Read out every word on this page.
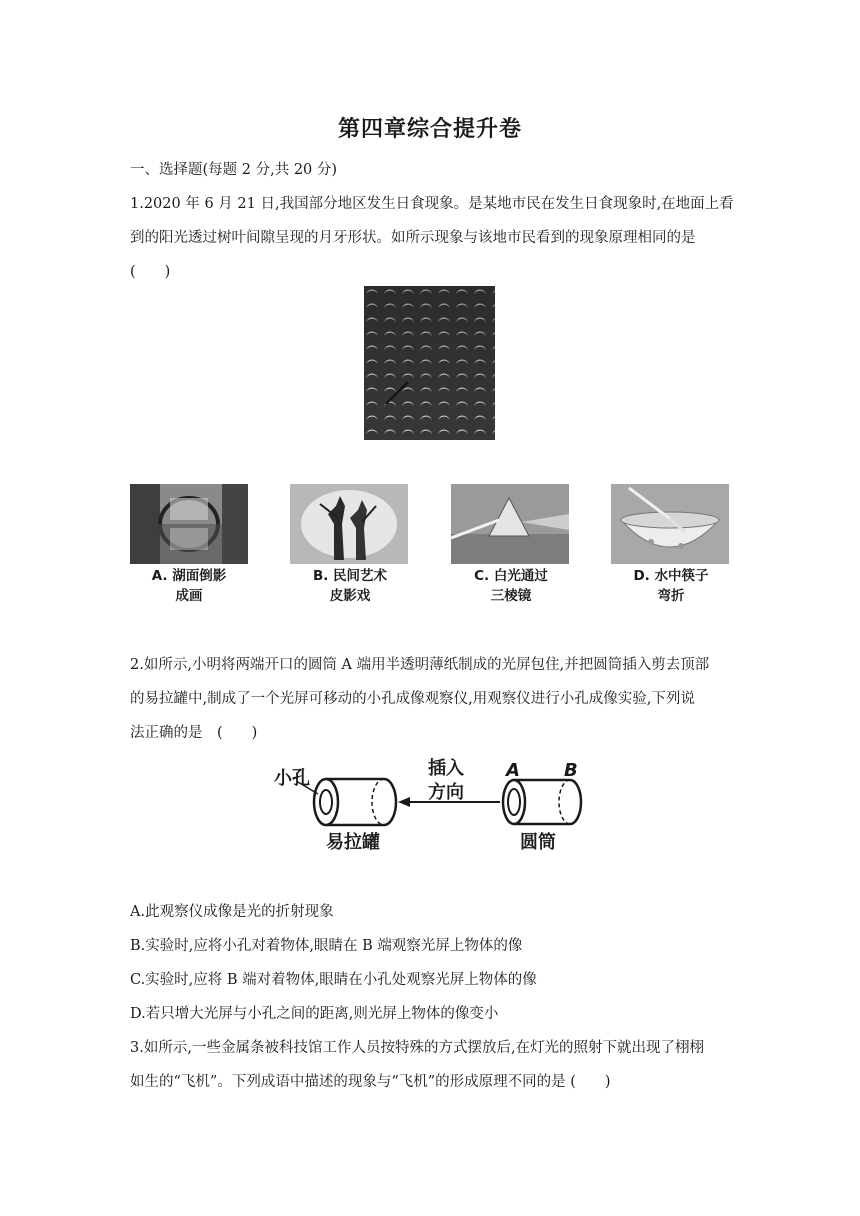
第四章综合提升卷
一、选择题(每题 2 分,共 20 分)
1.2020 年 6 月 21 日,我国部分地区发生日食现象。是某地市民在发生日食现象时,在地面上看
到的阳光透过树叶间隙呈现的月牙形状。如所示现象与该地市民看到的现象原理相同的是
(　　)
A. 湖面倒影
成画
B. 民间艺术
皮影戏
C. 白光通过
三棱镜
D. 水中筷子
弯折
2.如所示,小明将两端开口的圆筒 A 端用半透明薄纸制成的光屏包住,并把圆筒插入剪去顶部
的易拉罐中,制成了一个光屏可移动的小孔成像观察仪,用观察仪进行小孔成像实验,下列说
法正确的是　(　　)
小孔
易拉罐
插入
方向
A B
圆筒
A.此观察仪成像是光的折射现象
B.实验时,应将小孔对着物体,眼睛在 B 端观察光屏上物体的像
C.实验时,应将 B 端对着物体,眼睛在小孔处观察光屏上物体的像
D.若只增大光屏与小孔之间的距离,则光屏上物体的像变小
3.如所示,一些金属条被科技馆工作人员按特殊的方式摆放后,在灯光的照射下就出现了栩栩
如生的“飞机”。下列成语中描述的现象与“飞机”的形成原理不同的是 (　　)
